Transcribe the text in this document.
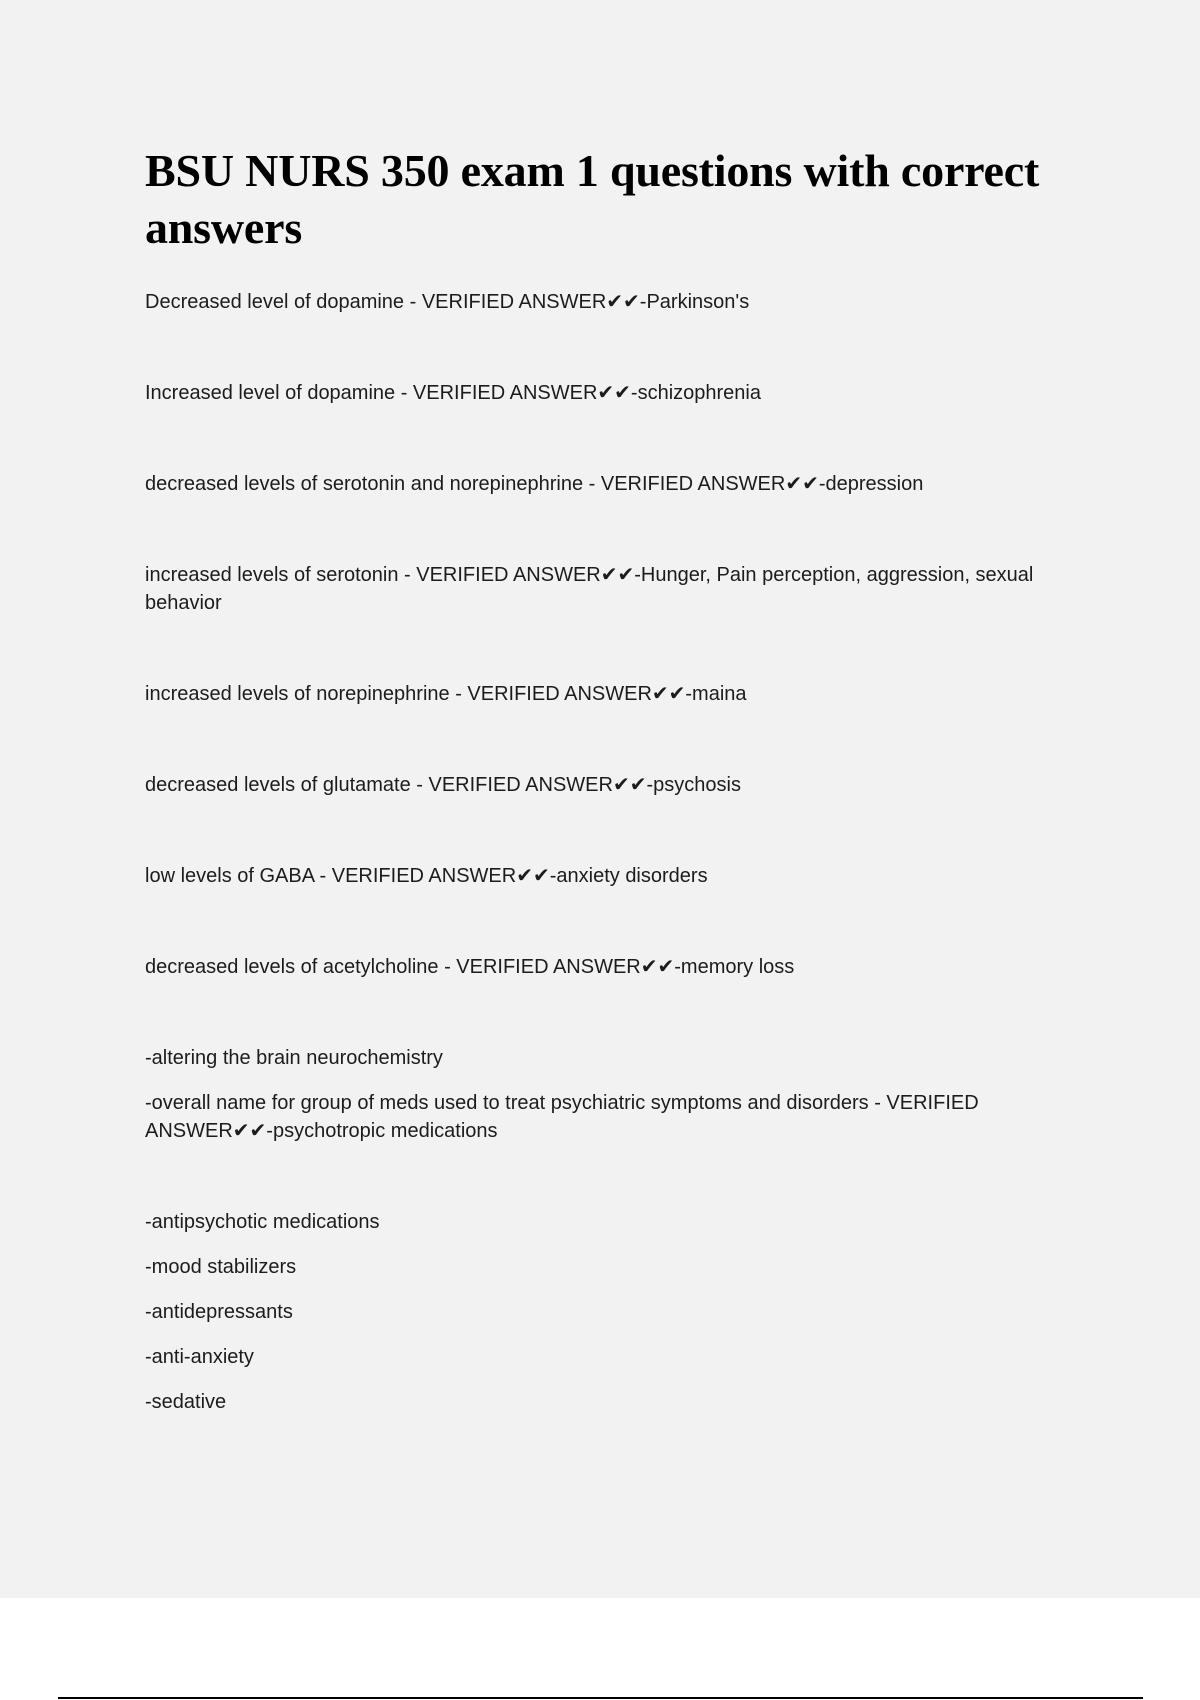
BSU NURS 350 exam 1 questions with correct answers

Decreased level of dopamine - VERIFIED ANSWER✔✔-Parkinson's

Increased level of dopamine - VERIFIED ANSWER✔✔-schizophrenia

decreased levels of serotonin and norepinephrine - VERIFIED ANSWER✔✔-depression

increased levels of serotonin - VERIFIED ANSWER✔✔-Hunger, Pain perception, aggression, sexual behavior

increased levels of norepinephrine - VERIFIED ANSWER✔✔-maina

decreased levels of glutamate - VERIFIED ANSWER✔✔-psychosis

low levels of GABA - VERIFIED ANSWER✔✔-anxiety disorders

decreased levels of acetylcholine - VERIFIED ANSWER✔✔-memory loss

-altering the brain neurochemistry

-overall name for group of meds used to treat psychiatric symptoms and disorders - VERIFIED ANSWER✔✔-psychotropic medications

-antipsychotic medications

-mood stabilizers

-antidepressants

-anti-anxiety

-sedative
